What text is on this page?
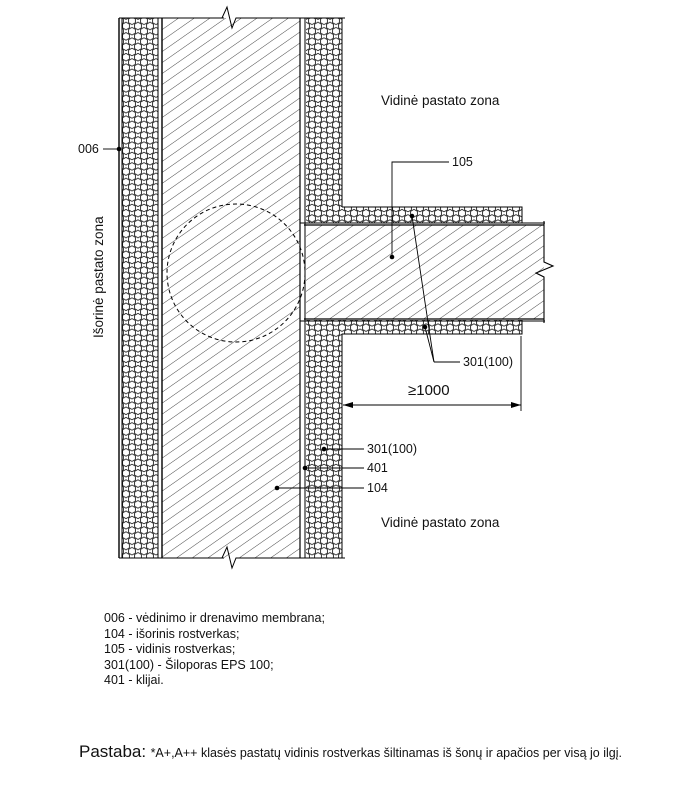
006
105
301(100)
≥1000
301(100)
401
104
Vidinė pastato zona
Vidinė pastato zona
Išorinė pastato zona
006 - vėdinimo ir drenavimo membrana;
104 - išorinis rostverkas;
105 - vidinis rostverkas;
301(100) - Šiloporas EPS 100;
401 - klijai.
Pastaba: *A+,A++ klasės pastatų vidinis rostverkas šiltinamas iš šonų ir apačios per visą jo ilgį.
